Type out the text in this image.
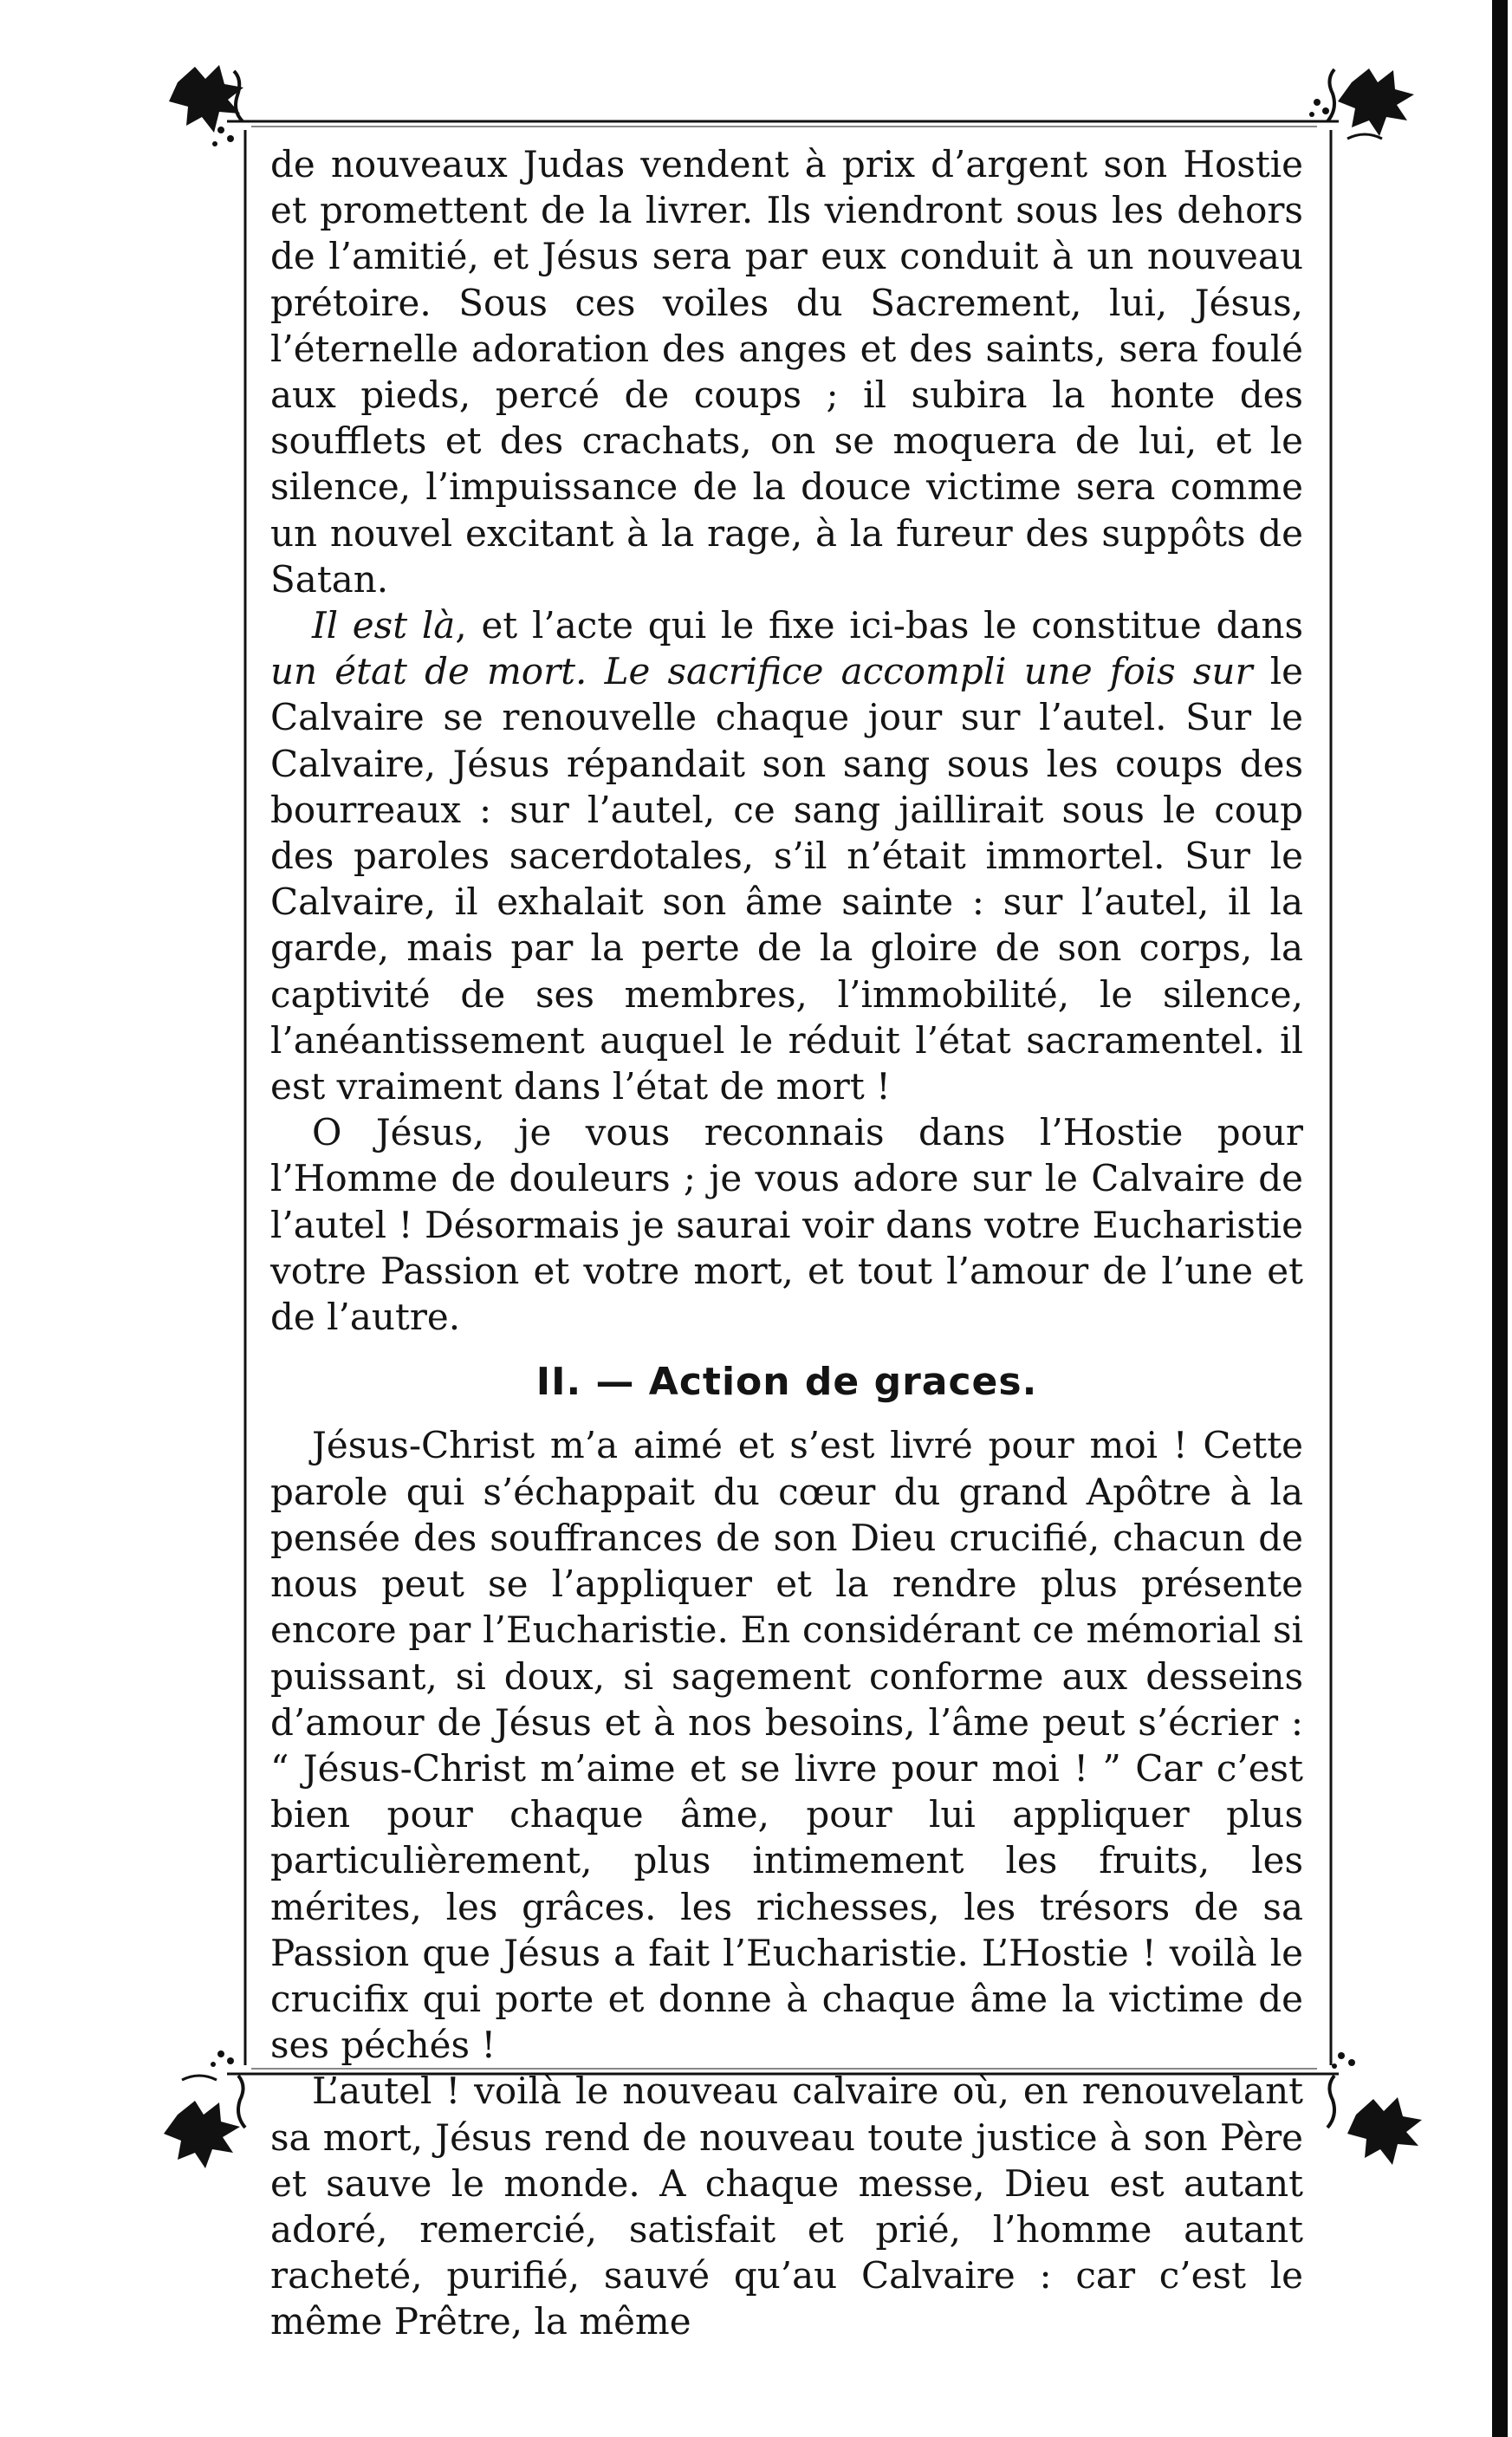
de nouveaux Judas vendent à prix d’argent son Hostie et promettent de la livrer. Ils viendront sous les dehors de l’amitié, et Jésus sera par eux conduit à un nouveau prétoire. Sous ces voiles du Sacrement, lui, Jésus, l’éternelle adoration des anges et des saints, sera foulé aux pieds, percé de coups ; il subira la honte des soufflets et des crachats, on se moquera de lui, et le silence, l’impuissance de la douce victime sera comme un nouvel excitant à la rage, à la fureur des suppôts de Satan.

Il est là, et l’acte qui le fixe ici-bas le constitue dans un état de mort. Le sacrifice accompli une fois sur le Calvaire se renouvelle chaque jour sur l’autel. Sur le Calvaire, Jésus répandait son sang sous les coups des bourreaux : sur l’autel, ce sang jaillirait sous le coup des paroles sacerdotales, s’il n’était immortel. Sur le Calvaire, il exhalait son âme sainte : sur l’autel, il la garde, mais par la perte de la gloire de son corps, la captivité de ses membres, l’immobilité, le silence, l’anéantissement auquel le réduit l’état sacramentel. il est vraiment dans l’état de mort !

O Jésus, je vous reconnais dans l’Hostie pour l’Homme de douleurs ; je vous adore sur le Calvaire de l’autel ! Désormais je saurai voir dans votre Eucharistie votre Passion et votre mort, et tout l’amour de l’une et de l’autre.

II. — Action de graces.

Jésus-Christ m’a aimé et s’est livré pour moi ! Cette parole qui s’échappait du cœur du grand Apôtre à la pensée des souffrances de son Dieu crucifié, chacun de nous peut se l’appliquer et la rendre plus présente encore par l’Eucharistie. En considérant ce mémorial si puissant, si doux, si sagement conforme aux desseins d’amour de Jésus et à nos besoins, l’âme peut s’écrier : “ Jésus-Christ m’aime et se livre pour moi ! ” Car c’est bien pour chaque âme, pour lui appliquer plus particulièrement, plus intimement les fruits, les mérites, les grâces. les richesses, les trésors de sa Passion que Jésus a fait l’Eucharistie. L’Hostie ! voilà le crucifix qui porte et donne à chaque âme la victime de ses péchés !

L’autel ! voilà le nouveau calvaire où, en renouvelant sa mort, Jésus rend de nouveau toute justice à son Père et sauve le monde. A chaque messe, Dieu est autant adoré, remercié, satisfait et prié, l’homme autant racheté, purifié, sauvé qu’au Calvaire : car c’est le même Prêtre, la même
